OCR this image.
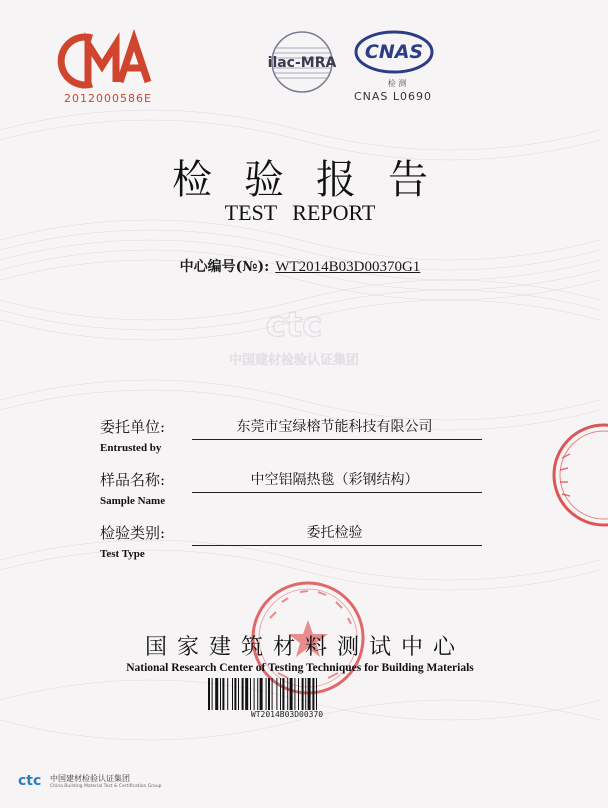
2012000586E
ilac-MRA CNAS
检 测
CNAS L0690
检验报告
TEST REPORT
中心编号(№): WT2014B03D00370G1
ctc
中国建材检验认证集团
委托单位:
Entrusted by
东莞市宝绿榕节能科技有限公司
样品名称:
Sample Name
中空铝隔热毯（彩钢结构）
检验类别:
Test Type
委托检验
国家建筑材料测试中心
National Research Center of Testing Techniques for Building Materials
WT2014B03D00370
ctc 中国建材检验认证集团
China Building Material Test & Certification Group
